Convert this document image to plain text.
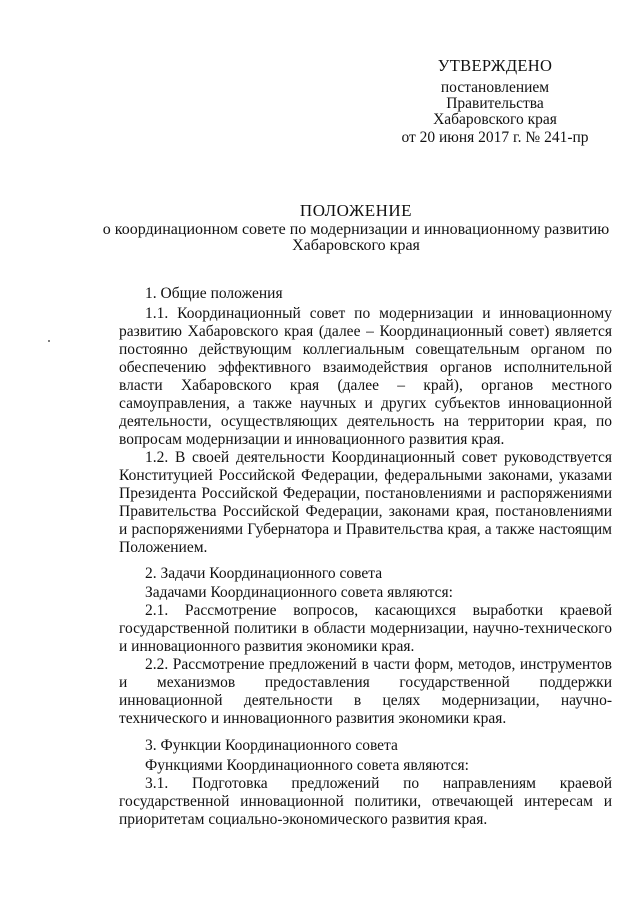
УТВЕРЖДЕНО
постановлением
Правительства
Хабаровского края
от 20 июня 2017 г. № 241-пр
ПОЛОЖЕНИЕ
о координационном совете по модернизации и инновационному развитию
Хабаровского края
1. Общие положения

1.1. Координационный совет по модернизации и инновационному развитию Хабаровского края (далее – Координационный совет) является постоянно действующим коллегиальным совещательным органом по обеспечению эффективного взаимодействия органов исполнительной власти Хабаровского края (далее – край), органов местного самоуправления, а также научных и других субъектов инновационной деятельности, осуществляющих деятельность на территории края, по вопросам модернизации и инновационного развития края.

1.2. В своей деятельности Координационный совет руководствуется Конституцией Российской Федерации, федеральными законами, указами Президента Российской Федерации, постановлениями и распоряжениями Правительства Российской Федерации, законами края, постановлениями и распоряжениями Губернатора и Правительства края, а также настоящим Положением.

2. Задачи Координационного совета

Задачами Координационного совета являются:

2.1. Рассмотрение вопросов, касающихся выработки краевой государственной политики в области модернизации, научно-технического и инновационного развития экономики края.

2.2. Рассмотрение предложений в части форм, методов, инструментов и механизмов предоставления государственной поддержки инновационной деятельности в целях модернизации, научно-технического и инновационного развития экономики края.

3. Функции Координационного совета

Функциями Координационного совета являются:

3.1. Подготовка предложений по направлениям краевой государственной инновационной политики, отвечающей интересам и приоритетам социально-экономического развития края.
